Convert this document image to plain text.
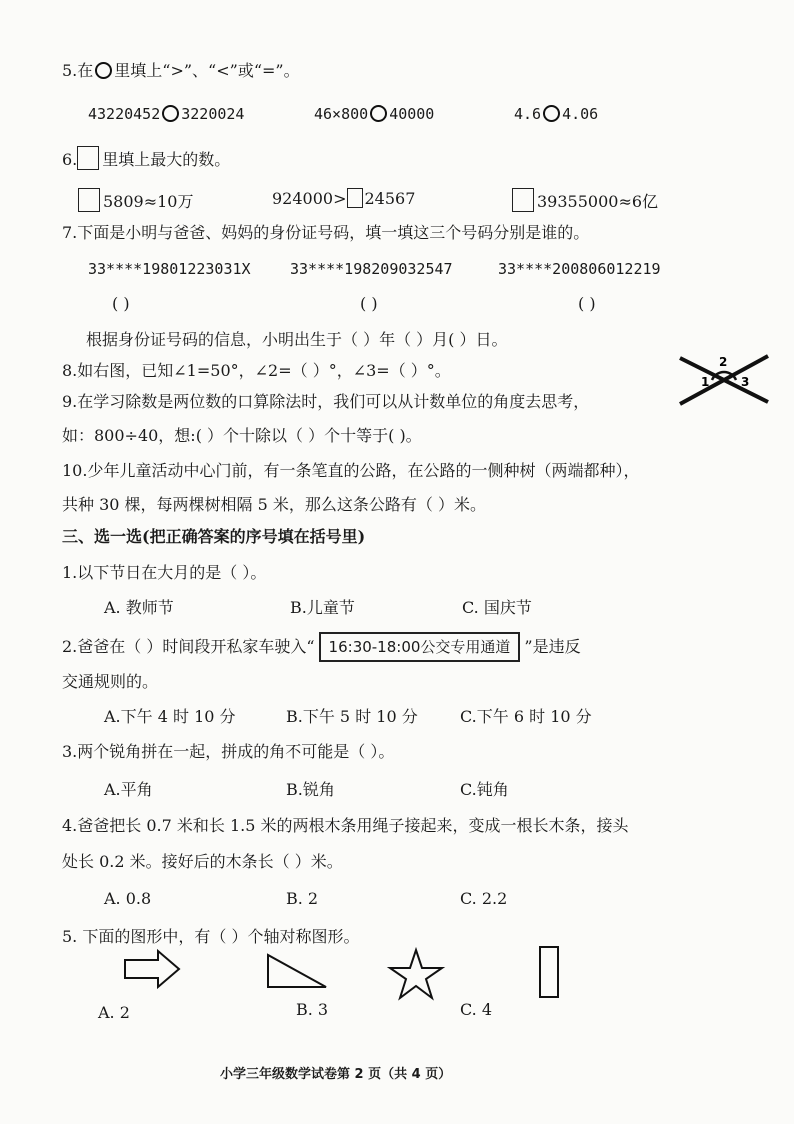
5.在 里填上“>”、“<”或“=”。
43220452 3220024	46×800 40000	4.6 4.06
6. 里填上最大的数。
5809≈10万	924000> 24567	39355000≈6亿
7.下面是小明与爸爸、妈妈的身份证号码，填一填这三个号码分别是谁的。
33****19801223031X	33****198209032547	33****200806012219
( )	( )	( )
根据身份证号码的信息，小明出生于（ ）年（ ）月( ）日。
8.如右图，已知∠1=50°，∠2=（ ）°，∠3=（ ）°。	2
1	3
9.在学习除数是两位数的口算除法时，我们可以从计数单位的角度去思考，
如：800÷40，想:( ）个十除以（ ）个十等于( )。
10.少年儿童活动中心门前，有一条笔直的公路，在公路的一侧种树（两端都种），
共种 30 棵，每两棵树相隔 5 米，那么这条公路有（ ）米。
三、选一选(把正确答案的序号填在括号里)
1.以下节日在大月的是（ ）。
A. 教师节	B.儿童节	C. 国庆节
2.爸爸在（ ）时间段开私家车驶入“ 16:30-18:00公交专用通道 ”是违反
交通规则的。
A.下午 4 时 10 分	B.下午 5 时 10 分	C.下午 6 时 10 分
3.两个锐角拼在一起，拼成的角不可能是（ ）。
A.平角	B.锐角	C.钝角
4.爸爸把长 0.7 米和长 1.5 米的两根木条用绳子接起来，变成一根长木条，接头
处长 0.2 米。接好后的木条长（ ）米。
A. 0.8	B. 2	C. 2.2
5. 下面的图形中，有（ ）个轴对称图形。
A. 2	B. 3	C. 4
小学三年级数学试卷第 2 页（共 4 页）
